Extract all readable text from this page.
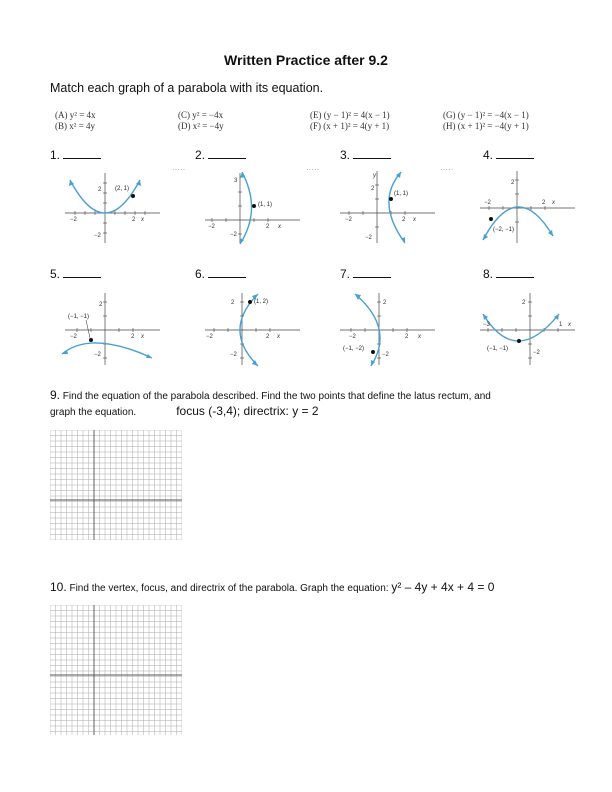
Written Practice after 9.2
Match each graph of a parabola with its equation.
(A) y² = 4x
(B) x² = 4y
(C) y² = −4x
(D) x² = −4y
(E) (y − 1)² = 4(x − 1)
(F) (x + 1)² = 4(y + 1)
(G) (y − 1)² = −4(x − 1)
(H) (x + 1)² = −4(y + 1)
1.	2.	3.	4.
·····	·····	·····
(2, 1)
2
−2	2 x
−2
(1, 1)
3
−2	2 x
−2
(1, 1)
2
y
−2	2 x
−2
(−2, −1)
2
−2	2 x
5.	6.	7.	8.
(−1, −1)
2
−2	2 x
−2
(1, 2)
2
−2	2 x
−2
(−1, −2)
2
−2	2 x
−2
(−1, −1)
2
−3	1 x
−2
9. Find the equation of the parabola described. Find the two points that define the latus rectum, and
graph the equation.	focus (-3,4); directrix: y = 2
10. Find the vertex, focus, and directrix of the parabola. Graph the equation: y² – 4y + 4x + 4 = 0
